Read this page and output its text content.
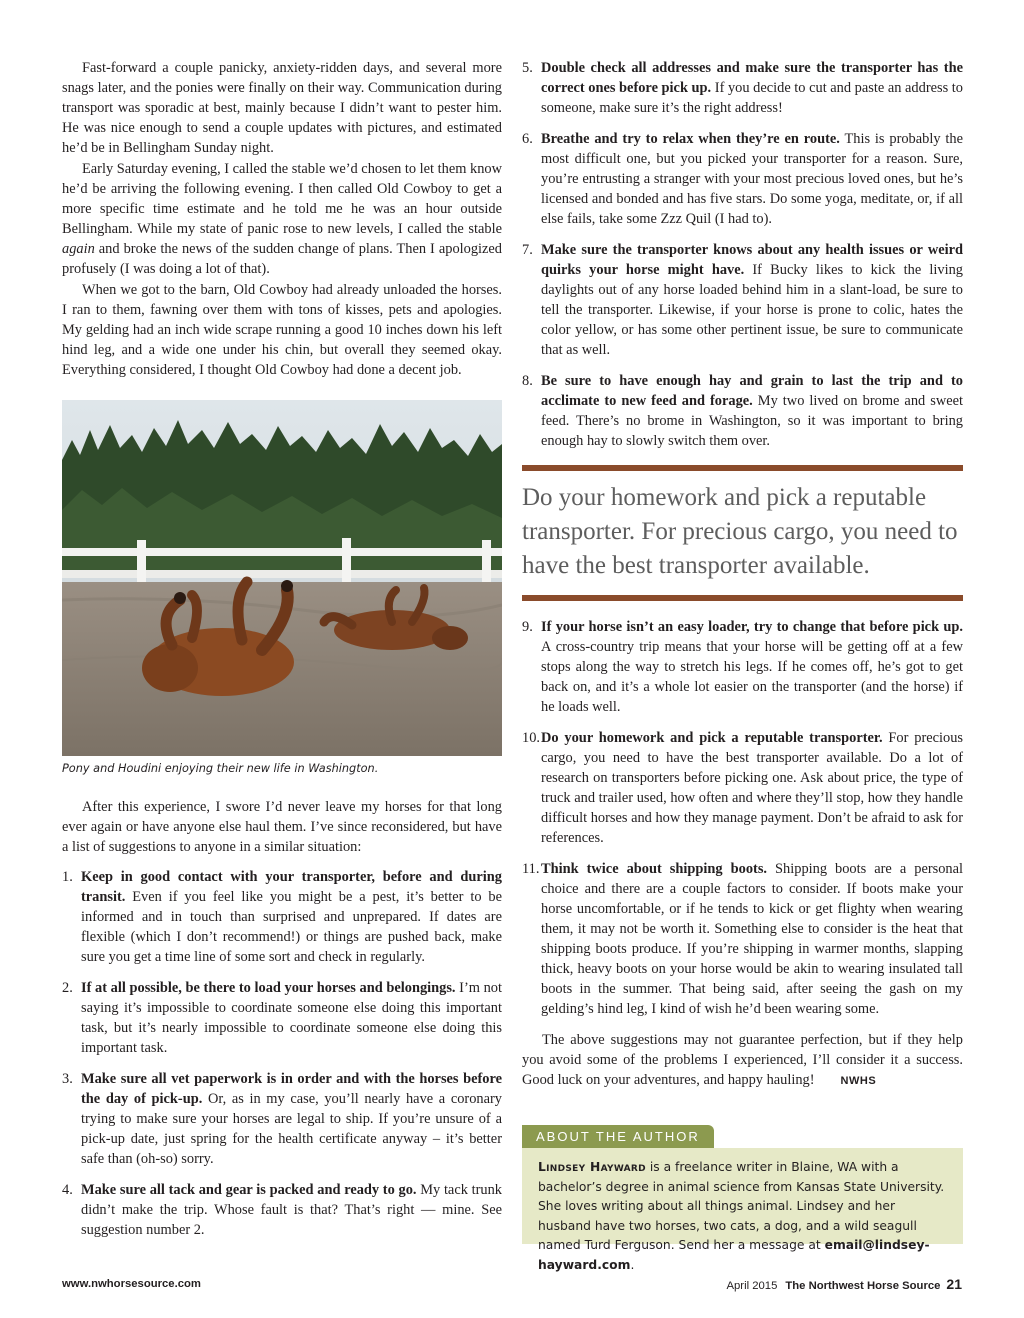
Fast-forward a couple panicky, anxiety-ridden days, and several more snags later, and the ponies were finally on their way. Communication during transport was sporadic at best, mainly because I didn’t want to pester him. He was nice enough to send a couple updates with pictures, and estimated he’d be in Bellingham Sunday night.

Early Saturday evening, I called the stable we’d chosen to let them know he’d be arriving the following evening. I then called Old Cowboy to get a more specific time estimate and he told me he was an hour outside Bellingham. While my state of panic rose to new levels, I called the stable again and broke the news of the sudden change of plans. Then I apologized profusely (I was doing a lot of that).

When we got to the barn, Old Cowboy had already unloaded the horses. I ran to them, fawning over them with tons of kisses, pets and apologies. My gelding had an inch wide scrape running a good 10 inches down his left hind leg, and a wide one under his chin, but overall they seemed okay. Everything considered, I thought Old Cowboy had done a decent job.

Pony and Houdini enjoying their new life in Washington.

After this experience, I swore I’d never leave my horses for that long ever again or have anyone else haul them. I’ve since reconsidered, but have a list of suggestions to anyone in a similar situation:

1. Keep in good contact with your transporter, before and during transit. Even if you feel like you might be a pest, it’s better to be informed and in touch than surprised and unprepared. If dates are flexible (which I don’t recommend!) or things are pushed back, make sure you get a time line of some sort and check in regularly.
2. If at all possible, be there to load your horses and belongings. I’m not saying it’s impossible to coordinate someone else doing this important task, but it’s nearly impossible to coordinate someone else doing this important task.
3. Make sure all vet paperwork is in order and with the horses before the day of pick-up. Or, as in my case, you’ll nearly have a coronary trying to make sure your horses are legal to ship. If you’re unsure of a pick-up date, just spring for the health certificate anyway – it’s better safe than (oh-so) sorry.
4. Make sure all tack and gear is packed and ready to go. My tack trunk didn’t make the trip. Whose fault is that? That’s right — mine. See suggestion number 2.
5. Double check all addresses and make sure the transporter has the correct ones before pick up. If you decide to cut and paste an address to someone, make sure it’s the right address!
6. Breathe and try to relax when they’re en route. This is probably the most difficult one, but you picked your transporter for a reason. Sure, you’re entrusting a stranger with your most precious loved ones, but he’s licensed and bonded and has five stars. Do some yoga, meditate, or, if all else fails, take some Zzz Quil (I had to).
7. Make sure the transporter knows about any health issues or weird quirks your horse might have. If Bucky likes to kick the living daylights out of any horse loaded behind him in a slant-load, be sure to tell the transporter. Likewise, if your horse is prone to colic, hates the color yellow, or has some other pertinent issue, be sure to communicate that as well.
8. Be sure to have enough hay and grain to last the trip and to acclimate to new feed and forage. My two lived on brome and sweet feed. There’s no brome in Washington, so it was important to bring enough hay to slowly switch them over.

Do your homework and pick a reputable transporter. For precious cargo, you need to have the best transporter available.

9. If your horse isn’t an easy loader, try to change that before pick up. A cross-country trip means that your horse will be getting off at a few stops along the way to stretch his legs. If he comes off, he’s got to get back on, and it’s a whole lot easier on the transporter (and the horse) if he loads well.
10. Do your homework and pick a reputable transporter. For precious cargo, you need to have the best transporter available. Do a lot of research on transporters before picking one. Ask about price, the type of truck and trailer used, how often and where they’ll stop, how they handle difficult horses and how they manage payment. Don’t be afraid to ask for references.
11. Think twice about shipping boots. Shipping boots are a personal choice and there are a couple factors to consider. If boots make your horse uncomfortable, or if he tends to kick or get flighty when wearing them, it may not be worth it. Something else to consider is the heat that shipping boots produce. If you’re shipping in warmer months, slapping thick, heavy boots on your horse would be akin to wearing insulated tall boots in the summer. That being said, after seeing the gash on my gelding’s hind leg, I kind of wish he’d been wearing some.

The above suggestions may not guarantee perfection, but if they help you avoid some of the problems I experienced, I’ll consider it a success. Good luck on your adventures, and happy hauling! NWHS

ABOUT THE AUTHOR
Lindsey Hayward is a freelance writer in Blaine, WA with a bachelor’s degree in animal science from Kansas State University. She loves writing about all things animal. Lindsey and her husband have two horses, two cats, a dog, and a wild seagull named Turd Ferguson. Send her a message at email@lindsey-hayward.com.
www.nwhorsesource.com	April 2015 The Northwest Horse Source 21
